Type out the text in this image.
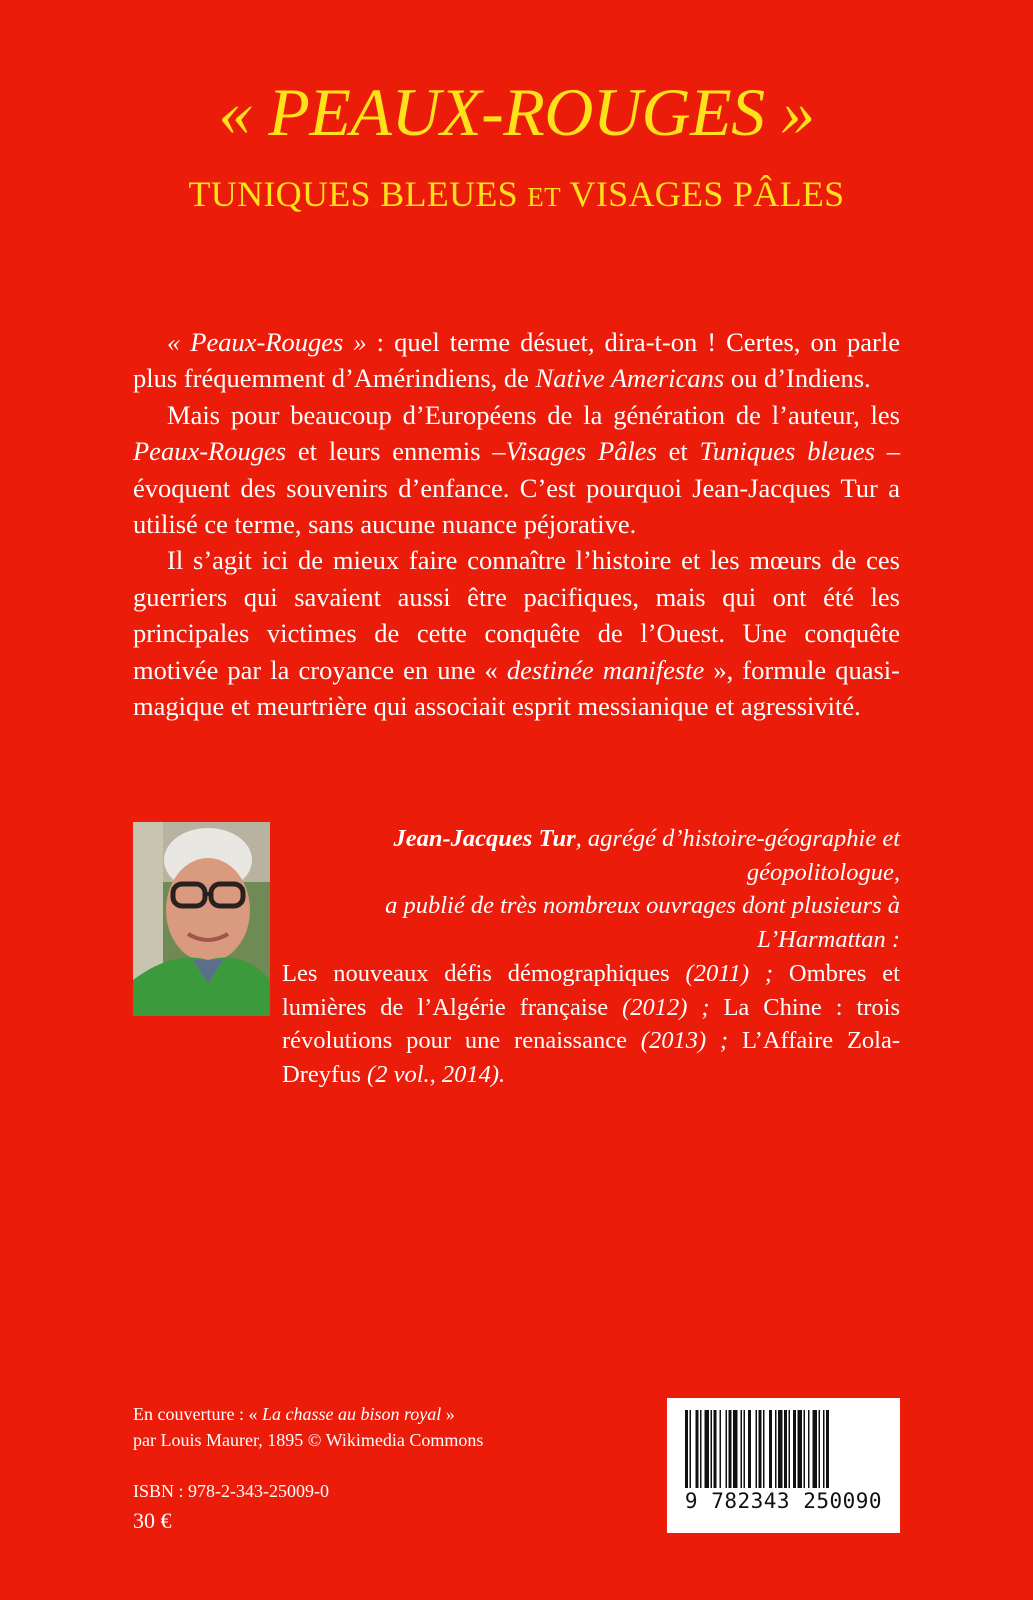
« PEAUX-ROUGES »
TUNIQUES BLEUES ET VISAGES PÂLES

« Peaux-Rouges » : quel terme désuet, dira-t-on ! Certes, on parle plus fréquemment d’Amérindiens, de Native Americans ou d’Indiens.

Mais pour beaucoup d’Européens de la génération de l’auteur, les Peaux-Rouges et leurs ennemis –Visages Pâles et Tuniques bleues – évoquent des souvenirs d’enfance. C’est pourquoi Jean-Jacques Tur a utilisé ce terme, sans aucune nuance péjorative.

Il s’agit ici de mieux faire connaître l’histoire et les mœurs de ces guerriers qui savaient aussi être pacifiques, mais qui ont été les principales victimes de cette conquête de l’Ouest. Une conquête motivée par la croyance en une « destinée manifeste », formule quasi-magique et meurtrière qui associait esprit messianique et agressivité.

Jean-Jacques Tur, agrégé d’histoire-géographie et géopolitologue,
a publié de très nombreux ouvrages dont plusieurs à L’Harmattan :
Les nouveaux défis démographiques (2011) ; Ombres et lumières de l’Algérie française (2012) ; La Chine : trois révolutions pour une renaissance (2013) ; L’Affaire Zola-Dreyfus (2 vol., 2014).
En couverture : « La chasse au bison royal »
par Louis Maurer, 1895 © Wikimedia Commons
ISBN : 978-2-343-25009-0
30 €
9 782343 250090
